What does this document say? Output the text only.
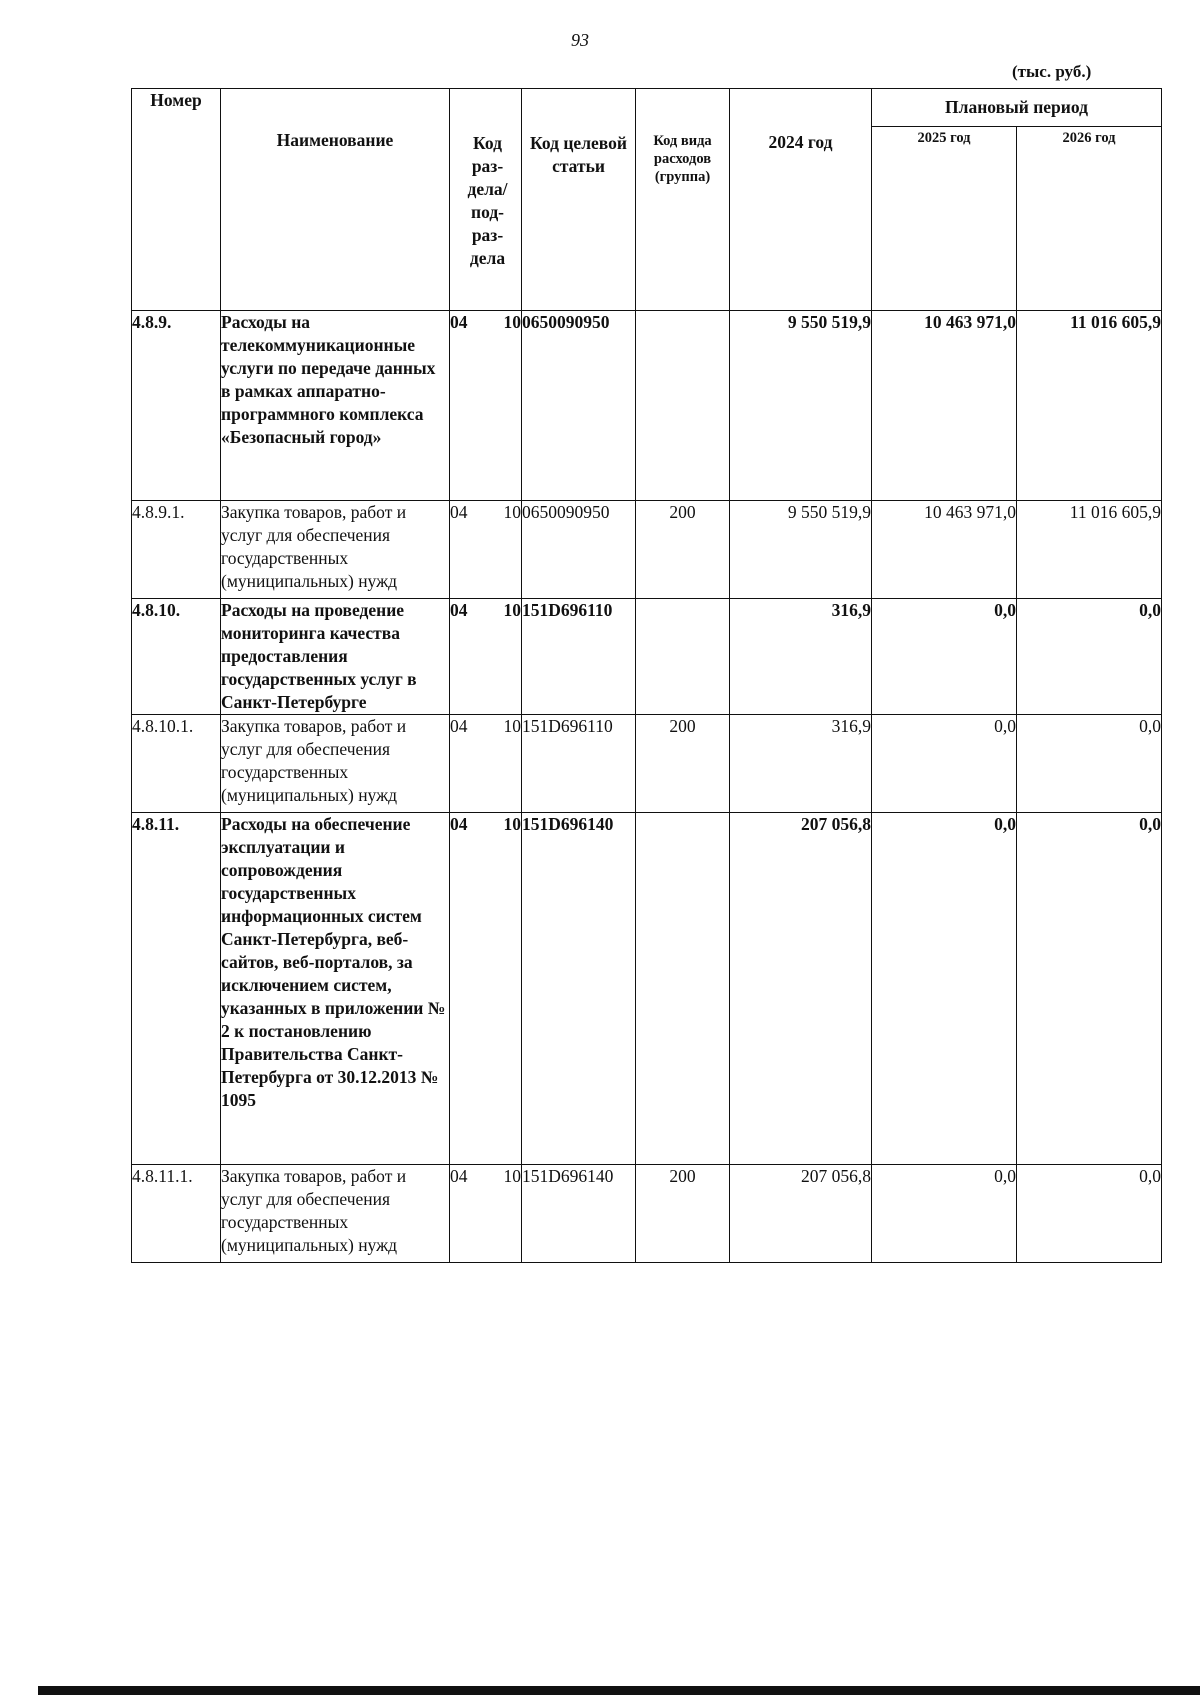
93
(тыс. руб.)
Номер	Наименование	Код раз-дела/ под-раз-дела	Код целевой статьи	Код вида расходов (группа)	2024 год	Плановый период	
						2025 год	2026 год
4.8.9.	Расходы на телекоммуникационные услуги по передаче данных в рамках аппаратно-программного комплекса «Безопасный город»	04 10	0650090950		9 550 519,9	10 463 971,0	11 016 605,9
4.8.9.1.	Закупка товаров, работ и услуг для обеспечения государственных (муниципальных) нужд	04 10	0650090950	200	9 550 519,9	10 463 971,0	11 016 605,9
4.8.10.	Расходы на проведение мониторинга качества предоставления государственных услуг в Санкт-Петербурге	04 10	151D696110		316,9	0,0	0,0
4.8.10.1.	Закупка товаров, работ и услуг для обеспечения государственных (муниципальных) нужд	04 10	151D696110	200	316,9	0,0	0,0
4.8.11.	Расходы на обеспечение эксплуатации и сопровождения государственных информационных систем Санкт-Петербурга, веб-сайтов, веб-порталов, за исключением систем, указанных в приложении № 2 к постановлению Правительства Санкт-Петербурга от 30.12.2013 № 1095	04 10	151D696140		207 056,8	0,0	0,0
4.8.11.1.	Закупка товаров, работ и услуг для обеспечения государственных (муниципальных) нужд	04 10	151D696140	200	207 056,8	0,0	0,0
